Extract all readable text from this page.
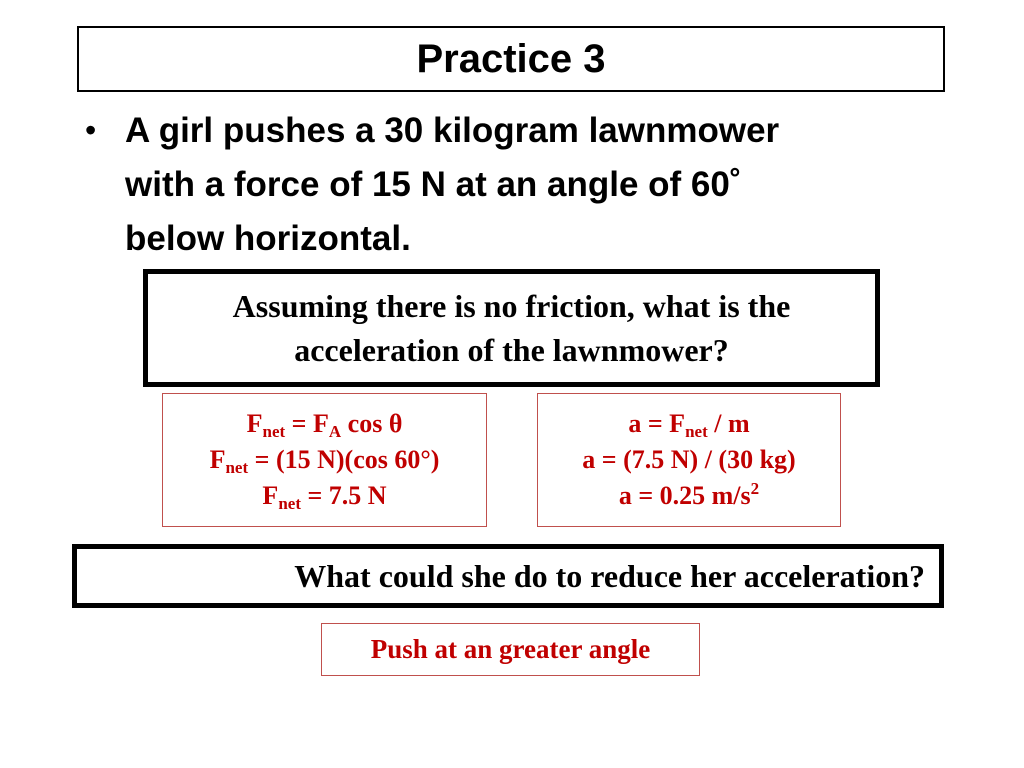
Practice 3
• A girl pushes a 30 kilogram lawnmower
with a force of 15 N at an angle of 60˚
below horizontal.
Assuming there is no friction, what is the
acceleration of the lawnmower?
$F_{net} = F_A$ cos θ
$F_{net} = (15$ N)(cos 60°)
$F_{net} = 7.5$ N
$a = F_{net} / m$
a = (7.5 N) / (30 kg)
a = 0.25 $m/s^2$
What could she do to reduce her acceleration?
Push at an greater angle
